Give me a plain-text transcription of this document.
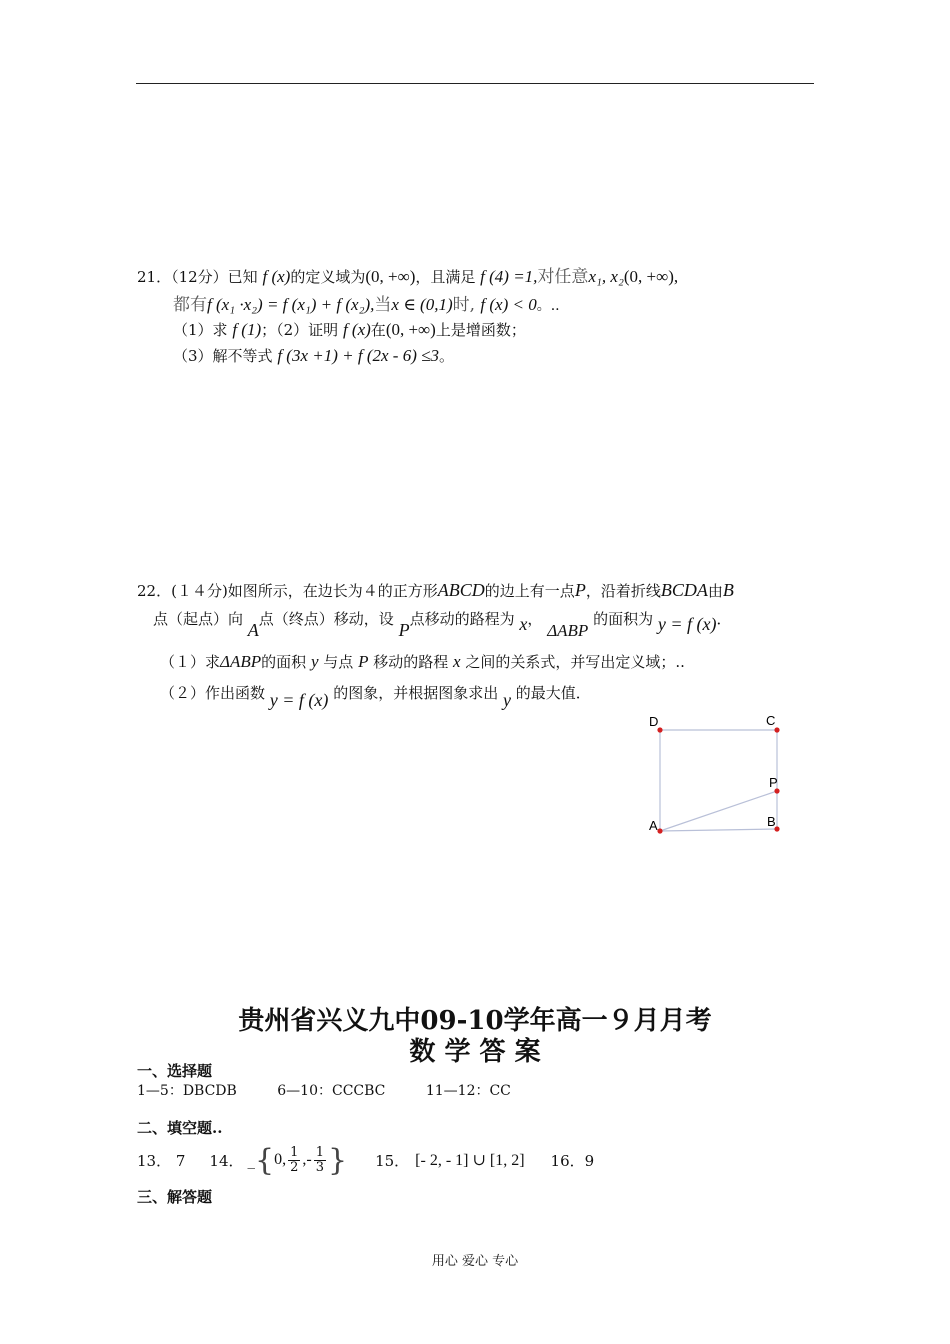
21．（12分）已知 f (x)的定义域为(0, +∞)，且满足 f (4) =1,对任意x₁, x₂(0, +∞),
都有f (x₁ ·x₂) = f (x₁) + f (x₂),当x ∈ (0,1)时, f (x) < 0。..
（1）求 f (1)；（2）证明 f (x)在(0, +∞)上是增函数；
（3）解不等式 f (3x +1) + f (2x - 6) ≤3。
22．(１４分)如图所示，在边长为４的正方形ABCD的边上有一点P，沿着折线BCDA由B
点（起点）向 A点（终点）移动，设 P点移动的路程为 x， ΔABP 的面积为 y = f (x)．
（１）求ΔABP的面积 y 与点 P 移动的路程 x 之间的关系式，并写出定义域；..
（２）作出函数 y = f (x) 的图象，并根据图象求出 y 的最大值．
D	C
P
A	B
贵州省兴义九中09-10学年高一９月月考
数 学 答 案
一、选择题
1—5：DBCDB	6—10：CCCBC	11—12：CC
二、填空题..
13． 7 14． _ { 0, $\frac{1}{2}$ ,- $\frac{1}{3}$ } 15． [- 2, - 1] ∪ [1, 2] 16．9
三、解答题
用心 爱心 专心
